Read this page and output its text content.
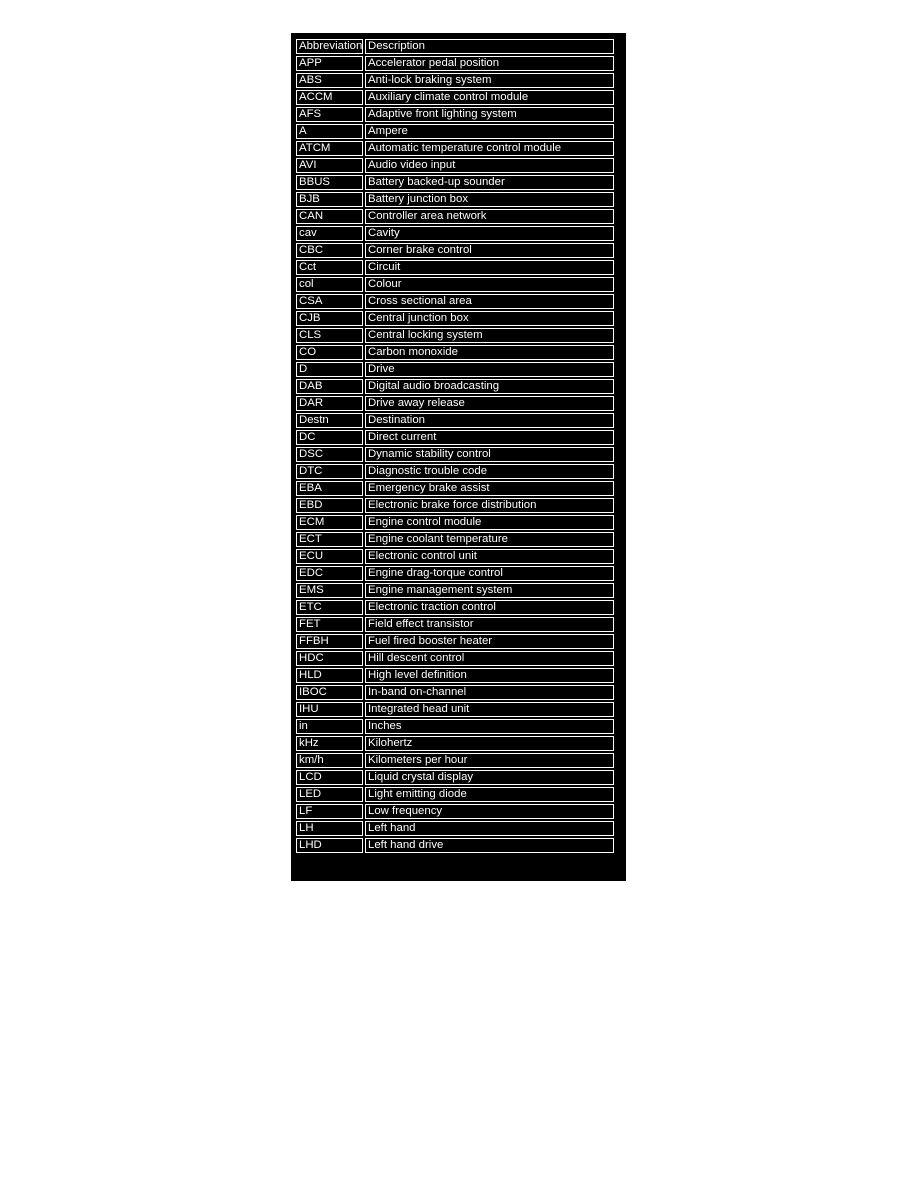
Abbreviation	Description
APP	Accelerator pedal position
ABS	Anti-lock braking system
ACCM	Auxiliary climate control module
AFS	Adaptive front lighting system
A	Ampere
ATCM	Automatic temperature control module
AVI	Audio video input
BBUS	Battery backed-up sounder
BJB	Battery junction box
CAN	Controller area network
cav	Cavity
CBC	Corner brake control
Cct	Circuit
col	Colour
CSA	Cross sectional area
CJB	Central junction box
CLS	Central locking system
CO	Carbon monoxide
D	Drive
DAB	Digital audio broadcasting
DAR	Drive away release
Destn	Destination
DC	Direct current
DSC	Dynamic stability control
DTC	Diagnostic trouble code
EBA	Emergency brake assist
EBD	Electronic brake force distribution
ECM	Engine control module
ECT	Engine coolant temperature
ECU	Electronic control unit
EDC	Engine drag-torque control
EMS	Engine management system
ETC	Electronic traction control
FET	Field effect transistor
FFBH	Fuel fired booster heater
HDC	Hill descent control
HLD	High level definition
IBOC	In-band on-channel
IHU	Integrated head unit
in	Inches
kHz	Kilohertz
km/h	Kilometers per hour
LCD	Liquid crystal display
LED	Light emitting diode
LF	Low frequency
LH	Left hand
LHD	Left hand drive
